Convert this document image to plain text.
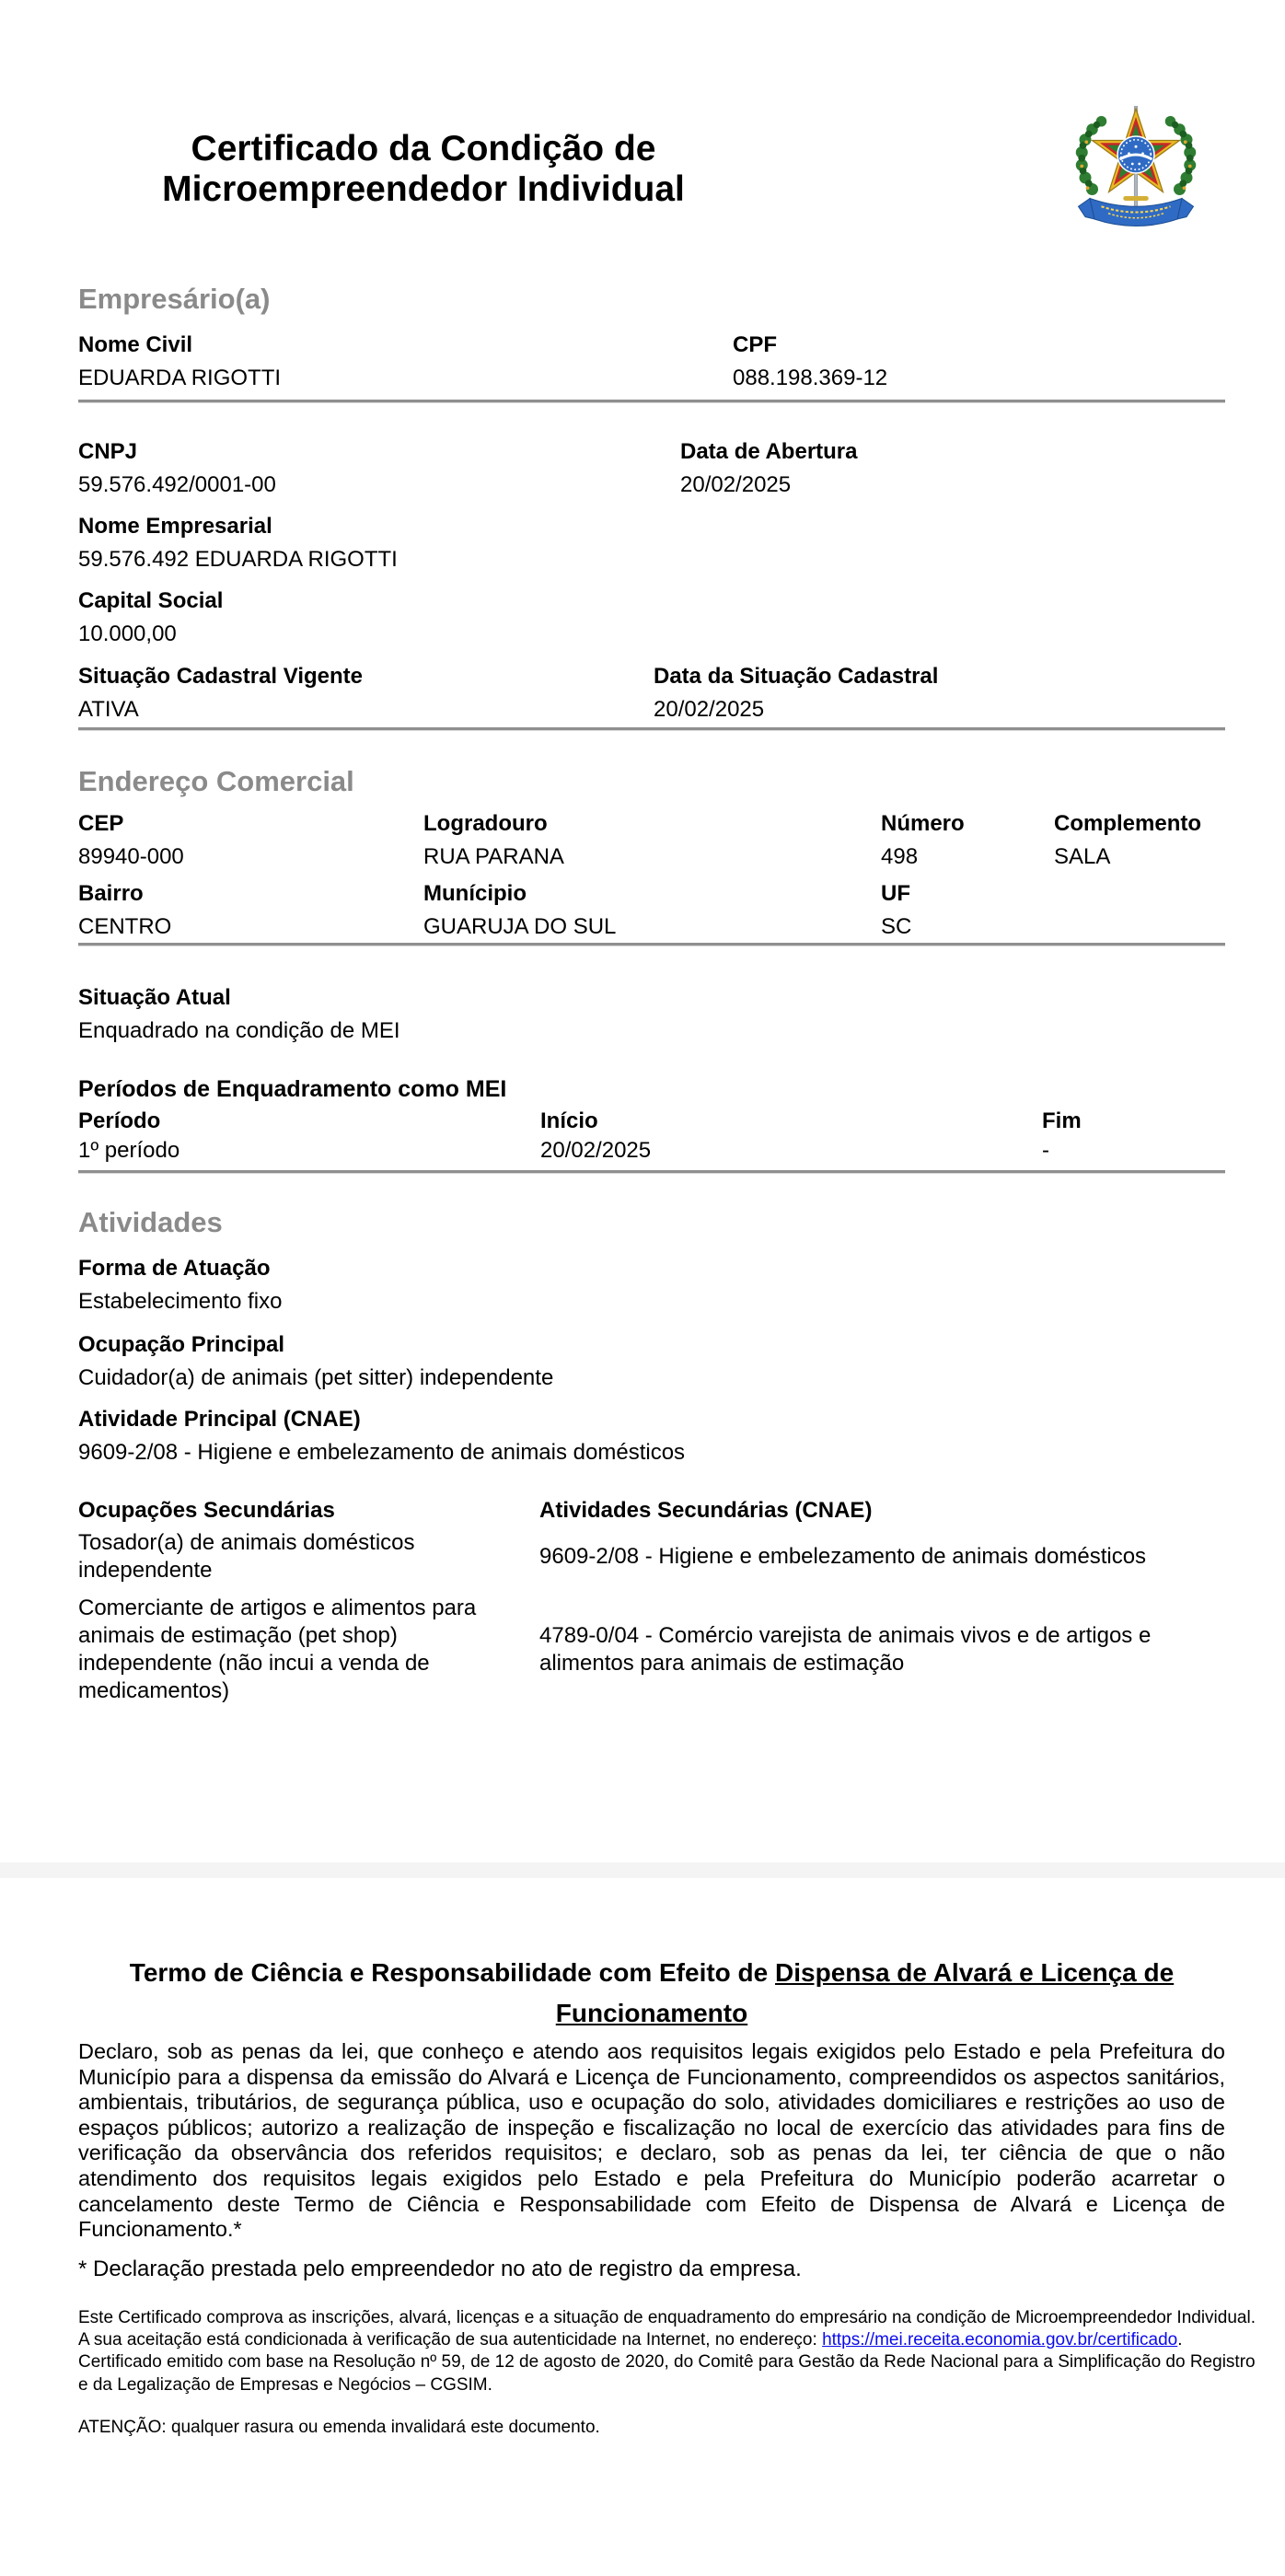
Certificado da Condição de Microempreendedor Individual
Empresário(a)
Nome Civil
EDUARDA RIGOTTI
CPF
088.198.369-12
CNPJ
59.576.492/0001-00
Data de Abertura
20/02/2025
Nome Empresarial
59.576.492 EDUARDA RIGOTTI
Capital Social
10.000,00
Situação Cadastral Vigente
ATIVA
Data da Situação Cadastral
20/02/2025
Endereço Comercial
CEP
89940-000
Logradouro
RUA PARANA
Número
498
Complemento
SALA
Bairro
CENTRO
Munícipio
GUARUJA DO SUL
UF
SC
Situação Atual
Enquadrado na condição de MEI
Períodos de Enquadramento como MEI
Período	Início	Fim
1º período	20/02/2025	-
Atividades
Forma de Atuação
Estabelecimento fixo
Ocupação Principal
Cuidador(a) de animais (pet sitter) independente
Atividade Principal (CNAE)
9609-2/08 - Higiene e embelezamento de animais domésticos
Ocupações Secundárias	Atividades Secundárias (CNAE)
Tosador(a) de animais domésticos independente
9609-2/08 - Higiene e embelezamento de animais domésticos
Comerciante de artigos e alimentos para animais de estimação (pet shop) independente (não incui a venda de medicamentos)
4789-0/04 - Comércio varejista de animais vivos e de artigos e alimentos para animais de estimação
Termo de Ciência e Responsabilidade com Efeito de Dispensa de Alvará e Licença de Funcionamento
Declaro, sob as penas da lei, que conheço e atendo aos requisitos legais exigidos pelo Estado e pela Prefeitura do Município para a dispensa da emissão do Alvará e Licença de Funcionamento, compreendidos os aspectos sanitários, ambientais, tributários, de segurança pública, uso e ocupação do solo, atividades domiciliares e restrições ao uso de espaços públicos; autorizo a realização de inspeção e fiscalização no local de exercício das atividades para fins de verificação da observância dos referidos requisitos; e declaro, sob as penas da lei, ter ciência de que o não atendimento dos requisitos legais exigidos pelo Estado e pela Prefeitura do Município poderão acarretar o cancelamento deste Termo de Ciência e Responsabilidade com Efeito de Dispensa de Alvará e Licença de Funcionamento.*
* Declaração prestada pelo empreendedor no ato de registro da empresa.
Este Certificado comprova as inscrições, alvará, licenças e a situação de enquadramento do empresário na condição de Microempreendedor Individual.
A sua aceitação está condicionada à verificação de sua autenticidade na Internet, no endereço: https://mei.receita.economia.gov.br/certificado.
Certificado emitido com base na Resolução nº 59, de 12 de agosto de 2020, do Comitê para Gestão da Rede Nacional para a Simplificação do Registro e da Legalização de Empresas e Negócios – CGSIM.
ATENÇÃO: qualquer rasura ou emenda invalidará este documento.
